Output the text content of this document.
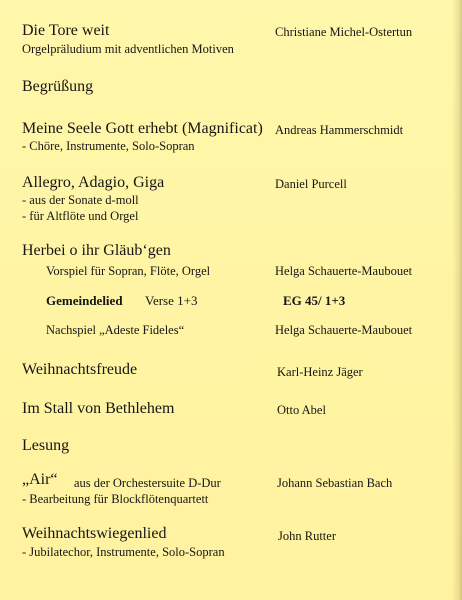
Die Tore weit	Christiane Michel-Ostertun
Orgelpräludium mit adventlichen Motiven
Begrüßung
Meine Seele Gott erhebt (Magnificat) Andreas Hammerschmidt
- Chöre, Instrumente, Solo-Sopran
Allegro, Adagio, Giga	Daniel Purcell
- aus der Sonate d-moll
- für Altflöte und Orgel
Herbei o ihr Gläub‘gen
Vorspiel für Sopran, Flöte, Orgel	Helga Schauerte-Maubouet
Gemeindelied Verse 1+3	EG 45/ 1+3
Nachspiel „Adeste Fideles“	Helga Schauerte-Maubouet
Weihnachtsfreude	Karl-Heinz Jäger
Im Stall von Bethlehem	Otto Abel
Lesung
„Air“ aus der Orchestersuite D-Dur	Johann Sebastian Bach
- Bearbeitung für Blockflötenquartett
Weihnachtswiegenlied	John Rutter
- Jubilatechor, Instrumente, Solo-Sopran
